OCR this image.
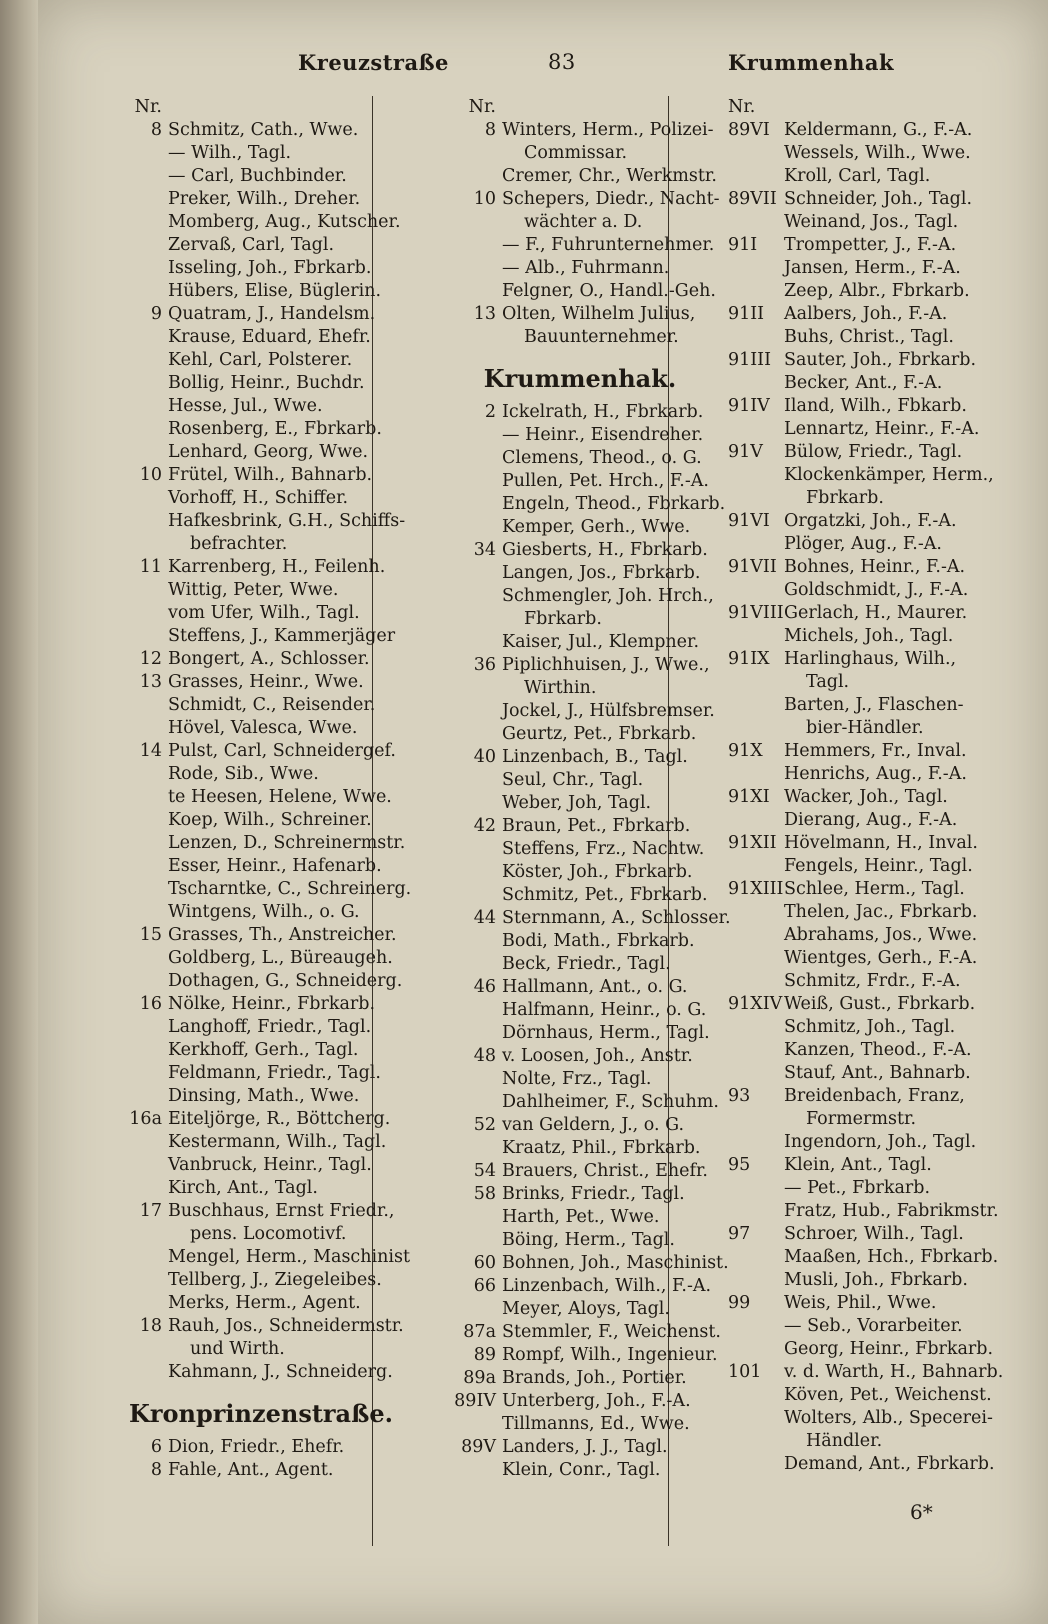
Kreuzstraße	83	Krummenhak
Nr.
8 Schmitz, Cath., Wwe.
— Wilh., Tagl.
— Carl, Buchbinder.
Preker, Wilh., Dreher.
Momberg, Aug., Kutscher.
Zervaß, Carl, Tagl.
Isseling, Joh., Fbrkarb.
Hübers, Elise, Büglerin.
9 Quatram, J., Handelsm.
Krause, Eduard, Ehefr.
Kehl, Carl, Polsterer.
Bollig, Heinr., Buchdr.
Hesse, Jul., Wwe.
Rosenberg, E., Fbrkarb.
Lenhard, Georg, Wwe.
10 Frütel, Wilh., Bahnarb.
Vorhoff, H., Schiffer.
Hafkesbrink, G.H., Schiffs-
befrachter.
11 Karrenberg, H., Feilenh.
Wittig, Peter, Wwe.
vom Ufer, Wilh., Tagl.
Steffens, J., Kammerjäger
12 Bongert, A., Schlosser.
13 Grasses, Heinr., Wwe.
Schmidt, C., Reisender.
Hövel, Valesca, Wwe.
14 Pulst, Carl, Schneidergef.
Rode, Sib., Wwe.
te Heesen, Helene, Wwe.
Koep, Wilh., Schreiner.
Lenzen, D., Schreinermstr.
Esser, Heinr., Hafenarb.
Tscharntke, C., Schreinerg.
Wintgens, Wilh., o. G.
15 Grasses, Th., Anstreicher.
Goldberg, L., Büreaugeh.
Dothagen, G., Schneiderg.
16 Nölke, Heinr., Fbrkarb.
Langhoff, Friedr., Tagl.
Kerkhoff, Gerh., Tagl.
Feldmann, Friedr., Tagl.
Dinsing, Math., Wwe.
16a Eiteljörge, R., Böttcherg.
Kestermann, Wilh., Tagl.
Vanbruck, Heinr., Tagl.
Kirch, Ant., Tagl.
17 Buschhaus, Ernst Friedr.,
pens. Locomotivf.
Mengel, Herm., Maschinist
Tellberg, J., Ziegeleibes.
Merks, Herm., Agent.
18 Rauh, Jos., Schneidermstr.
und Wirth.
Kahmann, J., Schneiderg.
Kronprinzenstraße.
6 Dion, Friedr., Ehefr.
8 Fahle, Ant., Agent.
Nr.
8 Winters, Herm., Polizei-
Commissar.
Cremer, Chr., Werkmstr.
10 Schepers, Diedr., Nacht-
wächter a. D.
— F., Fuhrunternehmer.
— Alb., Fuhrmann.
Felgner, O., Handl.-Geh.
13 Olten, Wilhelm Julius,
Bauunternehmer.
Krummenhak.
2 Ickelrath, H., Fbrkarb.
— Heinr., Eisendreher.
Clemens, Theod., o. G.
Pullen, Pet. Hrch., F.-A.
Engeln, Theod., Fbrkarb.
Kemper, Gerh., Wwe.
34 Giesberts, H., Fbrkarb.
Langen, Jos., Fbrkarb.
Schmengler, Joh. Hrch.,
Fbrkarb.
Kaiser, Jul., Klempner.
36 Piplichhuisen, J., Wwe.,
Wirthin.
Jockel, J., Hülfsbremser.
Geurtz, Pet., Fbrkarb.
40 Linzenbach, B., Tagl.
Seul, Chr., Tagl.
Weber, Joh, Tagl.
42 Braun, Pet., Fbrkarb.
Steffens, Frz., Nachtw.
Köster, Joh., Fbrkarb.
Schmitz, Pet., Fbrkarb.
44 Sternmann, A., Schlosser.
Bodi, Math., Fbrkarb.
Beck, Friedr., Tagl.
46 Hallmann, Ant., o. G.
Halfmann, Heinr., o. G.
Dörnhaus, Herm., Tagl.
48 v. Loosen, Joh., Anstr.
Nolte, Frz., Tagl.
Dahlheimer, F., Schuhm.
52 van Geldern, J., o. G.
Kraatz, Phil., Fbrkarb.
54 Brauers, Christ., Ehefr.
58 Brinks, Friedr., Tagl.
Harth, Pet., Wwe.
Böing, Herm., Tagl.
60 Bohnen, Joh., Maschinist.
66 Linzenbach, Wilh., F.-A.
Meyer, Aloys, Tagl.
87a Stemmler, F., Weichenst.
89 Rompf, Wilh., Ingenieur.
89a Brands, Joh., Portier.
89IV Unterberg, Joh., F.-A.
Tillmanns, Ed., Wwe.
89V Landers, J. J., Tagl.
Klein, Conr., Tagl.
Nr.
89VI Keldermann, G., F.-A.
Wessels, Wilh., Wwe.
Kroll, Carl, Tagl.
89VII Schneider, Joh., Tagl.
Weinand, Jos., Tagl.
91I	Trompetter, J., F.-A.
Jansen, Herm., F.-A.
Zeep, Albr., Fbrkarb.
91II	Aalbers, Joh., F.-A.
Buhs, Christ., Tagl.
91III Sauter, Joh., Fbrkarb.
Becker, Ant., F.-A.
91IV Iland, Wilh., Fbkarb.
Lennartz, Heinr., F.-A.
91V	Bülow, Friedr., Tagl.
Klockenkämper, Herm.,
Fbrkarb.
91VI Orgatzki, Joh., F.-A.
Plöger, Aug., F.-A.
91VII Bohnes, Heinr., F.-A.
Goldschmidt, J., F.-A.
91VIII Gerlach, H., Maurer.
Michels, Joh., Tagl.
91IX Harlinghaus, Wilh.,
Tagl.
Barten, J., Flaschen-
bier-Händler.
91X	Hemmers, Fr., Inval.
Henrichs, Aug., F.-A.
91XI Wacker, Joh., Tagl.
Dierang, Aug., F.-A.
91XII Hövelmann, H., Inval.
Fengels, Heinr., Tagl.
91XIII Schlee, Herm., Tagl.
Thelen, Jac., Fbrkarb.
Abrahams, Jos., Wwe.
Wientges, Gerh., F.-A.
Schmitz, Frdr., F.-A.
91XIV Weiß, Gust., Fbrkarb.
Schmitz, Joh., Tagl.
Kanzen, Theod., F.-A.
Stauf, Ant., Bahnarb.
93	Breidenbach, Franz,
Formermstr.
Ingendorn, Joh., Tagl.
95	Klein, Ant., Tagl.
— Pet., Fbrkarb.
Fratz, Hub., Fabrikmstr.
97	Schroer, Wilh., Tagl.
Maaßen, Hch., Fbrkarb.
Musli, Joh., Fbrkarb.
99	Weis, Phil., Wwe.
— Seb., Vorarbeiter.
Georg, Heinr., Fbrkarb.
101	v. d. Warth, H., Bahnarb.
Köven, Pet., Weichenst.
Wolters, Alb., Specerei-
Händler.
Demand, Ant., Fbrkarb.
6*
